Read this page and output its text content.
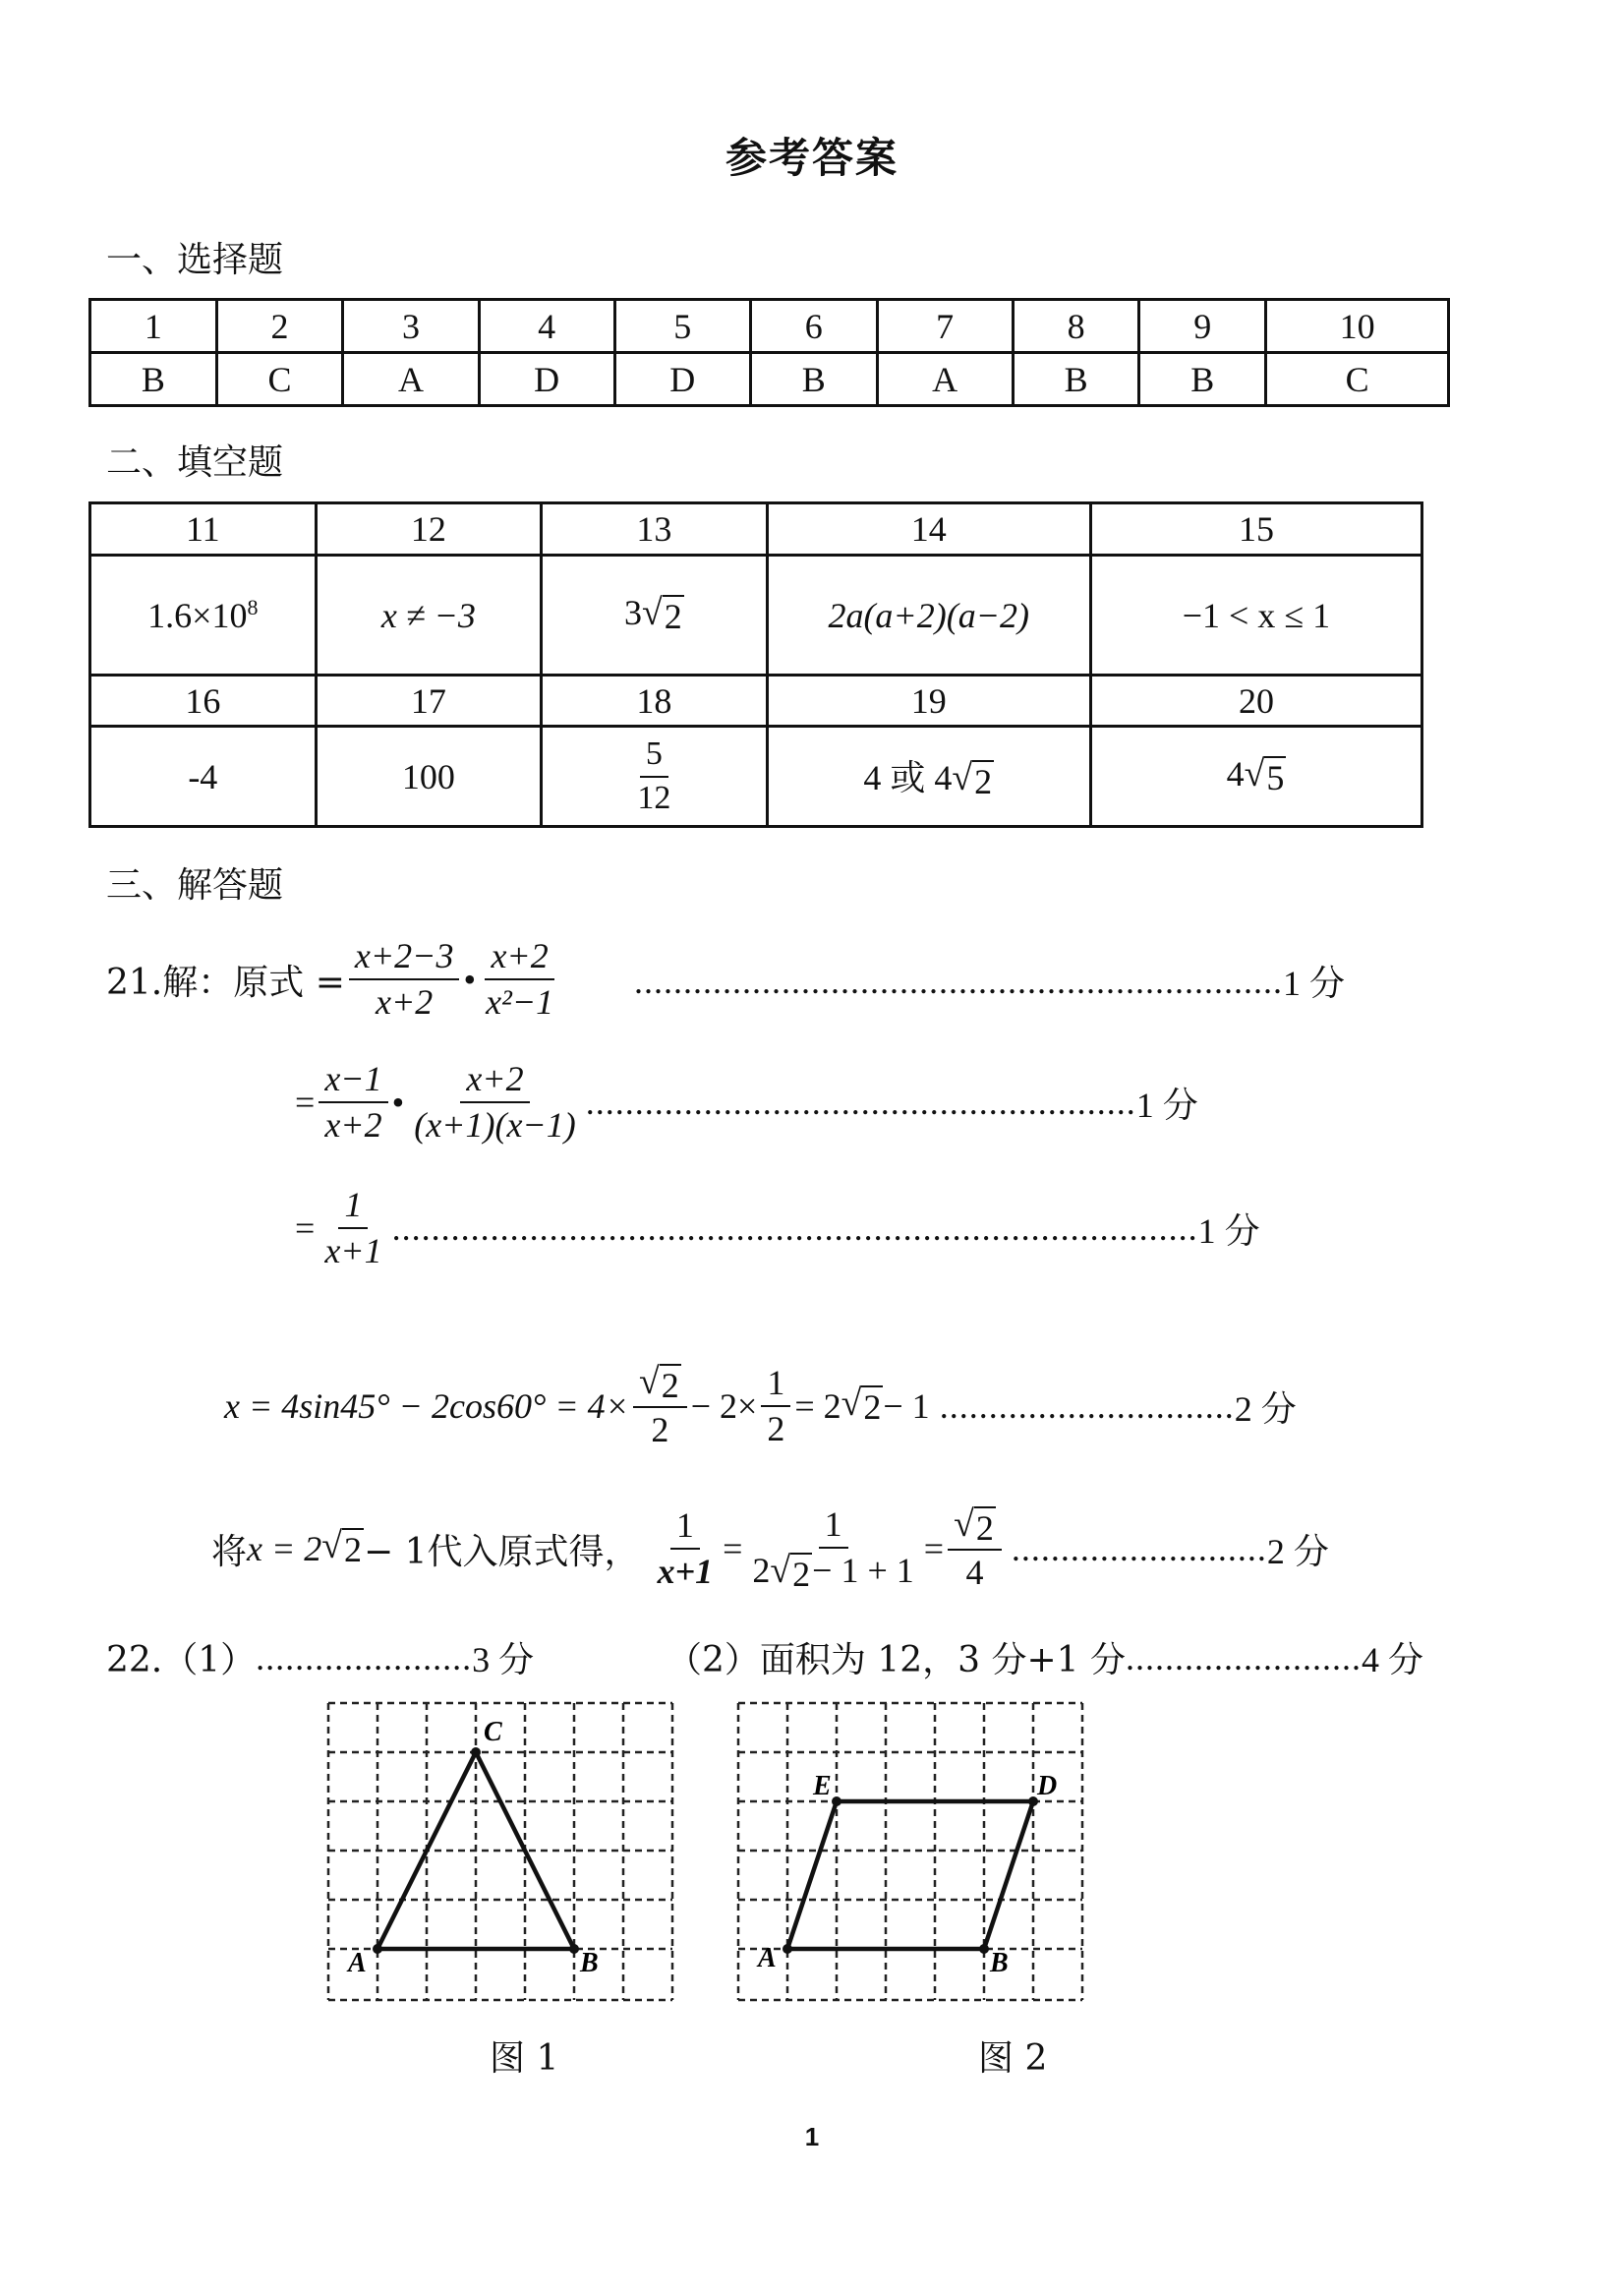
参考答案
一、选择题
1	2	3	4	5	6	7	8	9	10
B	C	A	D	D	B	A	B	B	C
二、填空题
11	12	13	14	15
$1.6\times 10^8$	x ≠ −3	3 √ 2	2a(a+2)(a−2)	−1 < x ≤ 1
16	17	18	19	20
-4	100	$\frac{5}{12}$	4 或 4 √ 2	4 √ 5
三、解答题
21.解：原式 = $\frac{x+2-3}{x+2}$ • $\frac{x+2}{\text{x²−1}}$ .................................................................. 1 分
= $\frac{x-1}{x+2}$ • $\frac{x+2}{(x+1)(x-1)}$ ........................................................ 1 分
= $\frac{1}{x+1}$ .................................................................................. 1 分
$x = 4\sin 45^\circ - 2\cos 60^\circ = 4\times \frac{√ 2}{2} - 2\times \frac{1}{2} = 2$ √ 2 − 1 .............................. 2 分
将 x = 2 √ 2 − 1代入原式得， $\frac{1}{x+1} = \frac{1}{2 √ 2 - 1 + 1} = \frac{√ 2}{4}$ .......................... 2 分
22.（1） ...................... 3 分	（2）面积为 12，3 分+1 分 ........................ 4 分
A	B
C
A	B
D
E
图 1	图 2
1
